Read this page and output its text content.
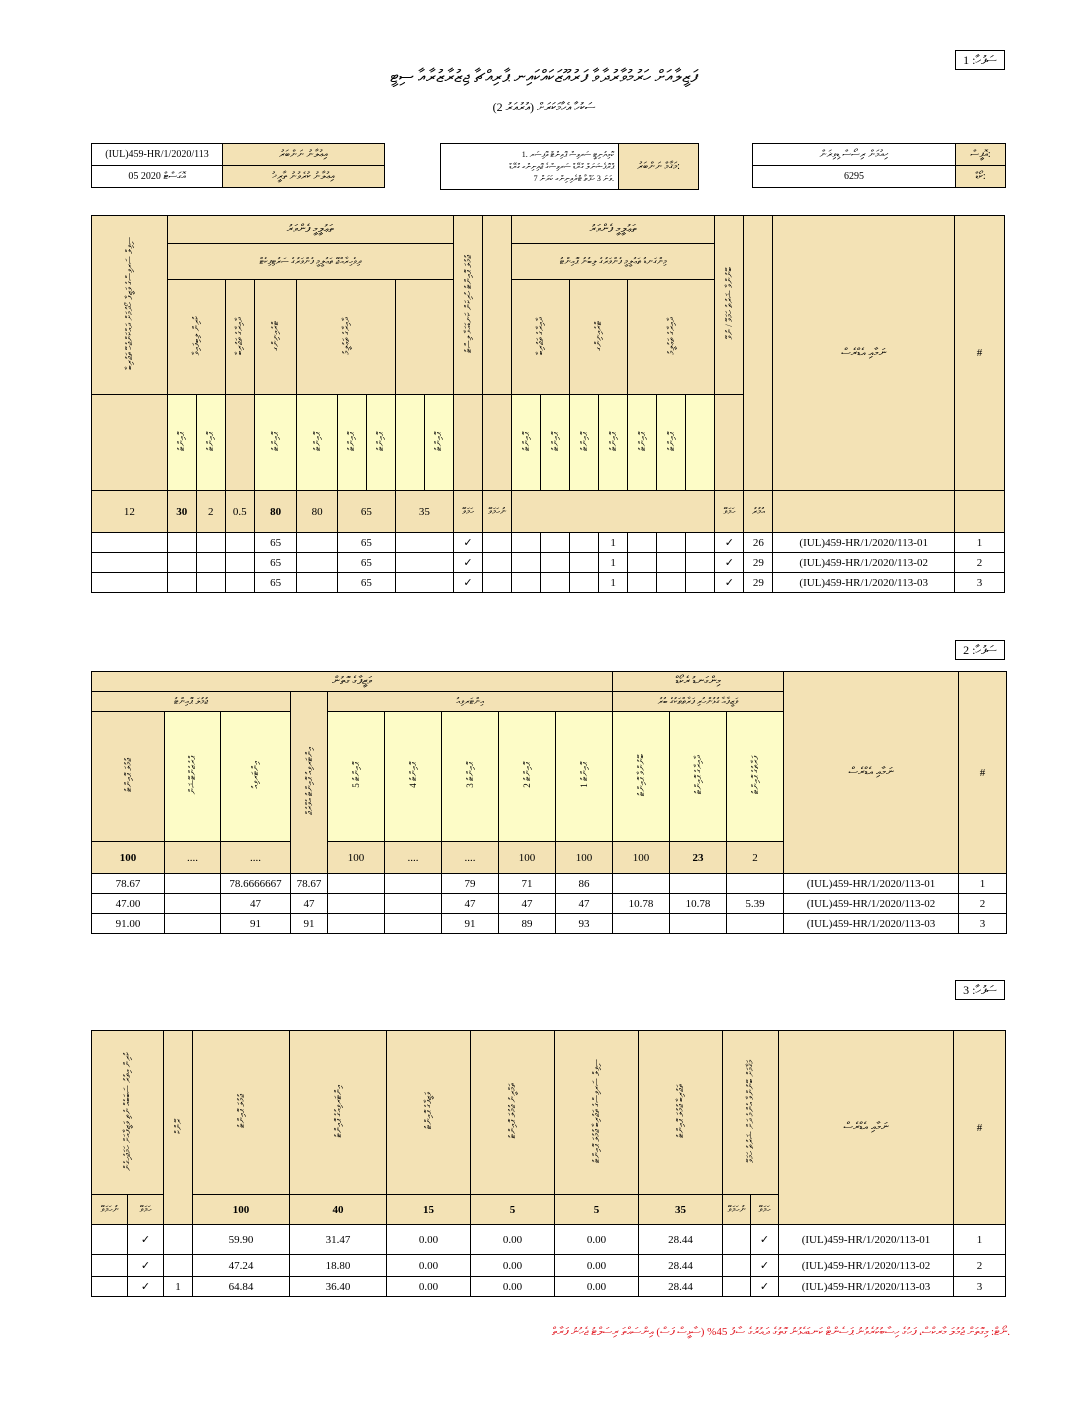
ސަފުހާ: 1
ފަޒީލާއަށް ހަރުމުވާރުދާވާ ފަރުއޫޒަކައްކައިނ ޕާރިއްޗާ ޖިޒުރާޒުރާއާ ސިޓީ
ސަކުހާ އެހާމަކަރަށް (އުރުއަރު 2)
(IUL)459-HR/1/2020/113	އިޢުލާނު ނަންބަރު
05 އޮގަސްޓް 2020	އިޢުލާނު ކުރެވުނު ތާރީޚު
1. ކޮމިޔުނިޓީ ސަރވިސް ޕޮއިންޓް އޮފިސަރ
ޕްރޮފެޝަނަލް ގްރޭޑް ސަރވިސްގެ ޖޮއިނިންގ ގްރޭޑް
7 ވަނަ 3 ހަފްތާ ޓްރެއިނިންގ ކަރަން.
	މަޤާމް ނަންބަރު:
ހިއުމަން ރިސޯސް ޑިވިޜަން	އޮފީސް:
6295	ކޯޑް:
ސިވިލް ސަރވިސްގެ ވަޒީފާ ހޯދުމަށް ދައްކަންޖެހޭ ތަޖުރިބާ	ތަޢުލީމީ ފެންވަރު									ޖުމުލަ ޕޮއިންޓު ހުރިކަން ކަނޑައަޅާ ލިސްޓު		ތަޢުލީމީ ފެންވަރު							ބޭނުންވާ ޝަރުތު ހަމަވޭ / ނުވޭ		ނަމާއި އެޑްރެސް	#
	ދިވެހިރާއްޖޭ ތަޢުލީމީ ފެންވަރުގެ ސަރުޓިފިކެޓް											މިންގަނޑު ތަޢުލީމީ ފެންވަރުގެ ލިބުނު ޕޮއިންޓު										
	ކުރިން ލިބިފައިވާ		ދާއިރާގެ ތަޖުރިބާ	ޓްރެއިނިންގ	ދާއިރާގެ ތަޢުލީމު							ދާއިރާގެ ތަޖުރިބާ		ޓްރެއިނިންގ		ދާއިރާގެ ތަޢުލީމު						
	ޕޮއިންޓު	ޕޮއިންޓު		ޕޮއިންޓު	ޕޮއިންޓު	ޕޮއިންޓު	ޕޮއިންޓު		ޕޮއިންޓު			ޕޮއިންޓު	ޕޮއިންޓު	ޕޮއިންޓު	ޕޮއިންޓު	ޕޮއިންޓު	ޕޮއިންޓު					
12	30	2	0.5	80	80	65		35		ހަމަވޭ	ނުހަމަވޭ								ހަމަވޭ	އުމުރު		
				65		65				✓					1				✓	26	(IUL)459-HR/1/2020/113-01	1
				65		65				✓					1				✓	29	(IUL)459-HR/1/2020/113-02	2
				65		65				✓					1				✓	29	(IUL)459-HR/1/2020/113-03	3
ސަފުހާ: 2
ވަޒީފާގެ ގޮތުން									މިންގަނޑު ރެކޯޑް			ނަމާއި އެޑްރެސް	#	
ޖުމުލަ ޕޮއިންޓު			އިންޓަރވިއު ޕޮއިންޓު އެވްރެޖް	އިންޓަރވިއު					ވަޒީފާއާ ގުޅުންހުރި ފަރާތްތަކުގެ ބުރު					
ޖުމުލަ ޕޮއިންޓު	ޕްރެޒެންޓޭޝަން	އިންޓަރވިއު		ޕޮއިންޓު 5	ޕޮއިންޓު 4	ޕޮއިންޓު 3	ޕޮއިންޓު 2	ޕޮއިންޓު 1	ބޭނުންވާ ޕޮއިންޓު	ދާއިރާގެ ޕޮއިންޓު	ފަރާތުގެ ޕޮއިންޓު			
100	....	....		100	....	....	100	100	100	23	2	
78.67		78.6666667	78.67			79	71	86				(IUL)459-HR/1/2020/113-01	1	
47.00		47	47			47	47	47	10.78	10.78	5.39	(IUL)459-HR/1/2020/113-02	2	
91.00		91	91			91	89	93				(IUL)459-HR/1/2020/113-03	3	
ސަފުހާ: 3
ކުރިން އިތުރު ސަބަބެއް ނެތި ވަޒީފާއަށް ހަމަޖެހިގެން		ރޭންކް	ޖުމުލަ ޕޮއިންޓު	އިންޓަރވިއުގެ ޕޮއިންޓު	ވަޒީފާގެ ޕޮއިންޓު	ތަމްރީނު ޖުމުލަ ޕޮއިންޓު	ސިވިލް ސަރވިސްގެ ތަޖުރިބާ ޖުމުލަ ޕޮއިންޓު	ތަޖުރިބާ ޖުމުލަ ޕޮއިންޓު	މަޤާމަށް ބޭނުންވާ އެންމެ ދަށް ޝަރުތު ހަމަވޭ		ނަމާއި އެޑްރެސް	#
ނުހަމަވޭ	ހަމަވޭ		100	40	15	5	5	35	ނުހަމަވޭ	ހަމަވޭ		
	✓		59.90	31.47	0.00	0.00	0.00	28.44		✓	(IUL)459-HR/1/2020/113-01	1
	✓		47.24	18.80	0.00	0.00	0.00	28.44		✓	(IUL)459-HR/1/2020/113-02	2
	✓	1	64.84	36.40	0.00	0.00	0.00	28.44		✓	(IUL)459-HR/1/2020/113-03	3
ނޯޓް: މިގޮތަށް ޖުމުލަ މާރކްސް، ފަހުގެ ހިސާބުކުރެވުނު ޕަސެންޓް ކަނޑައެޅުނު ގޮތުގެ ދައުރުގެ ސާފު 45% (ސާޅީސް ފަސް) އިންސައްތަ ރިސަލްޓު ޖެހުނު ފަރާތް.
